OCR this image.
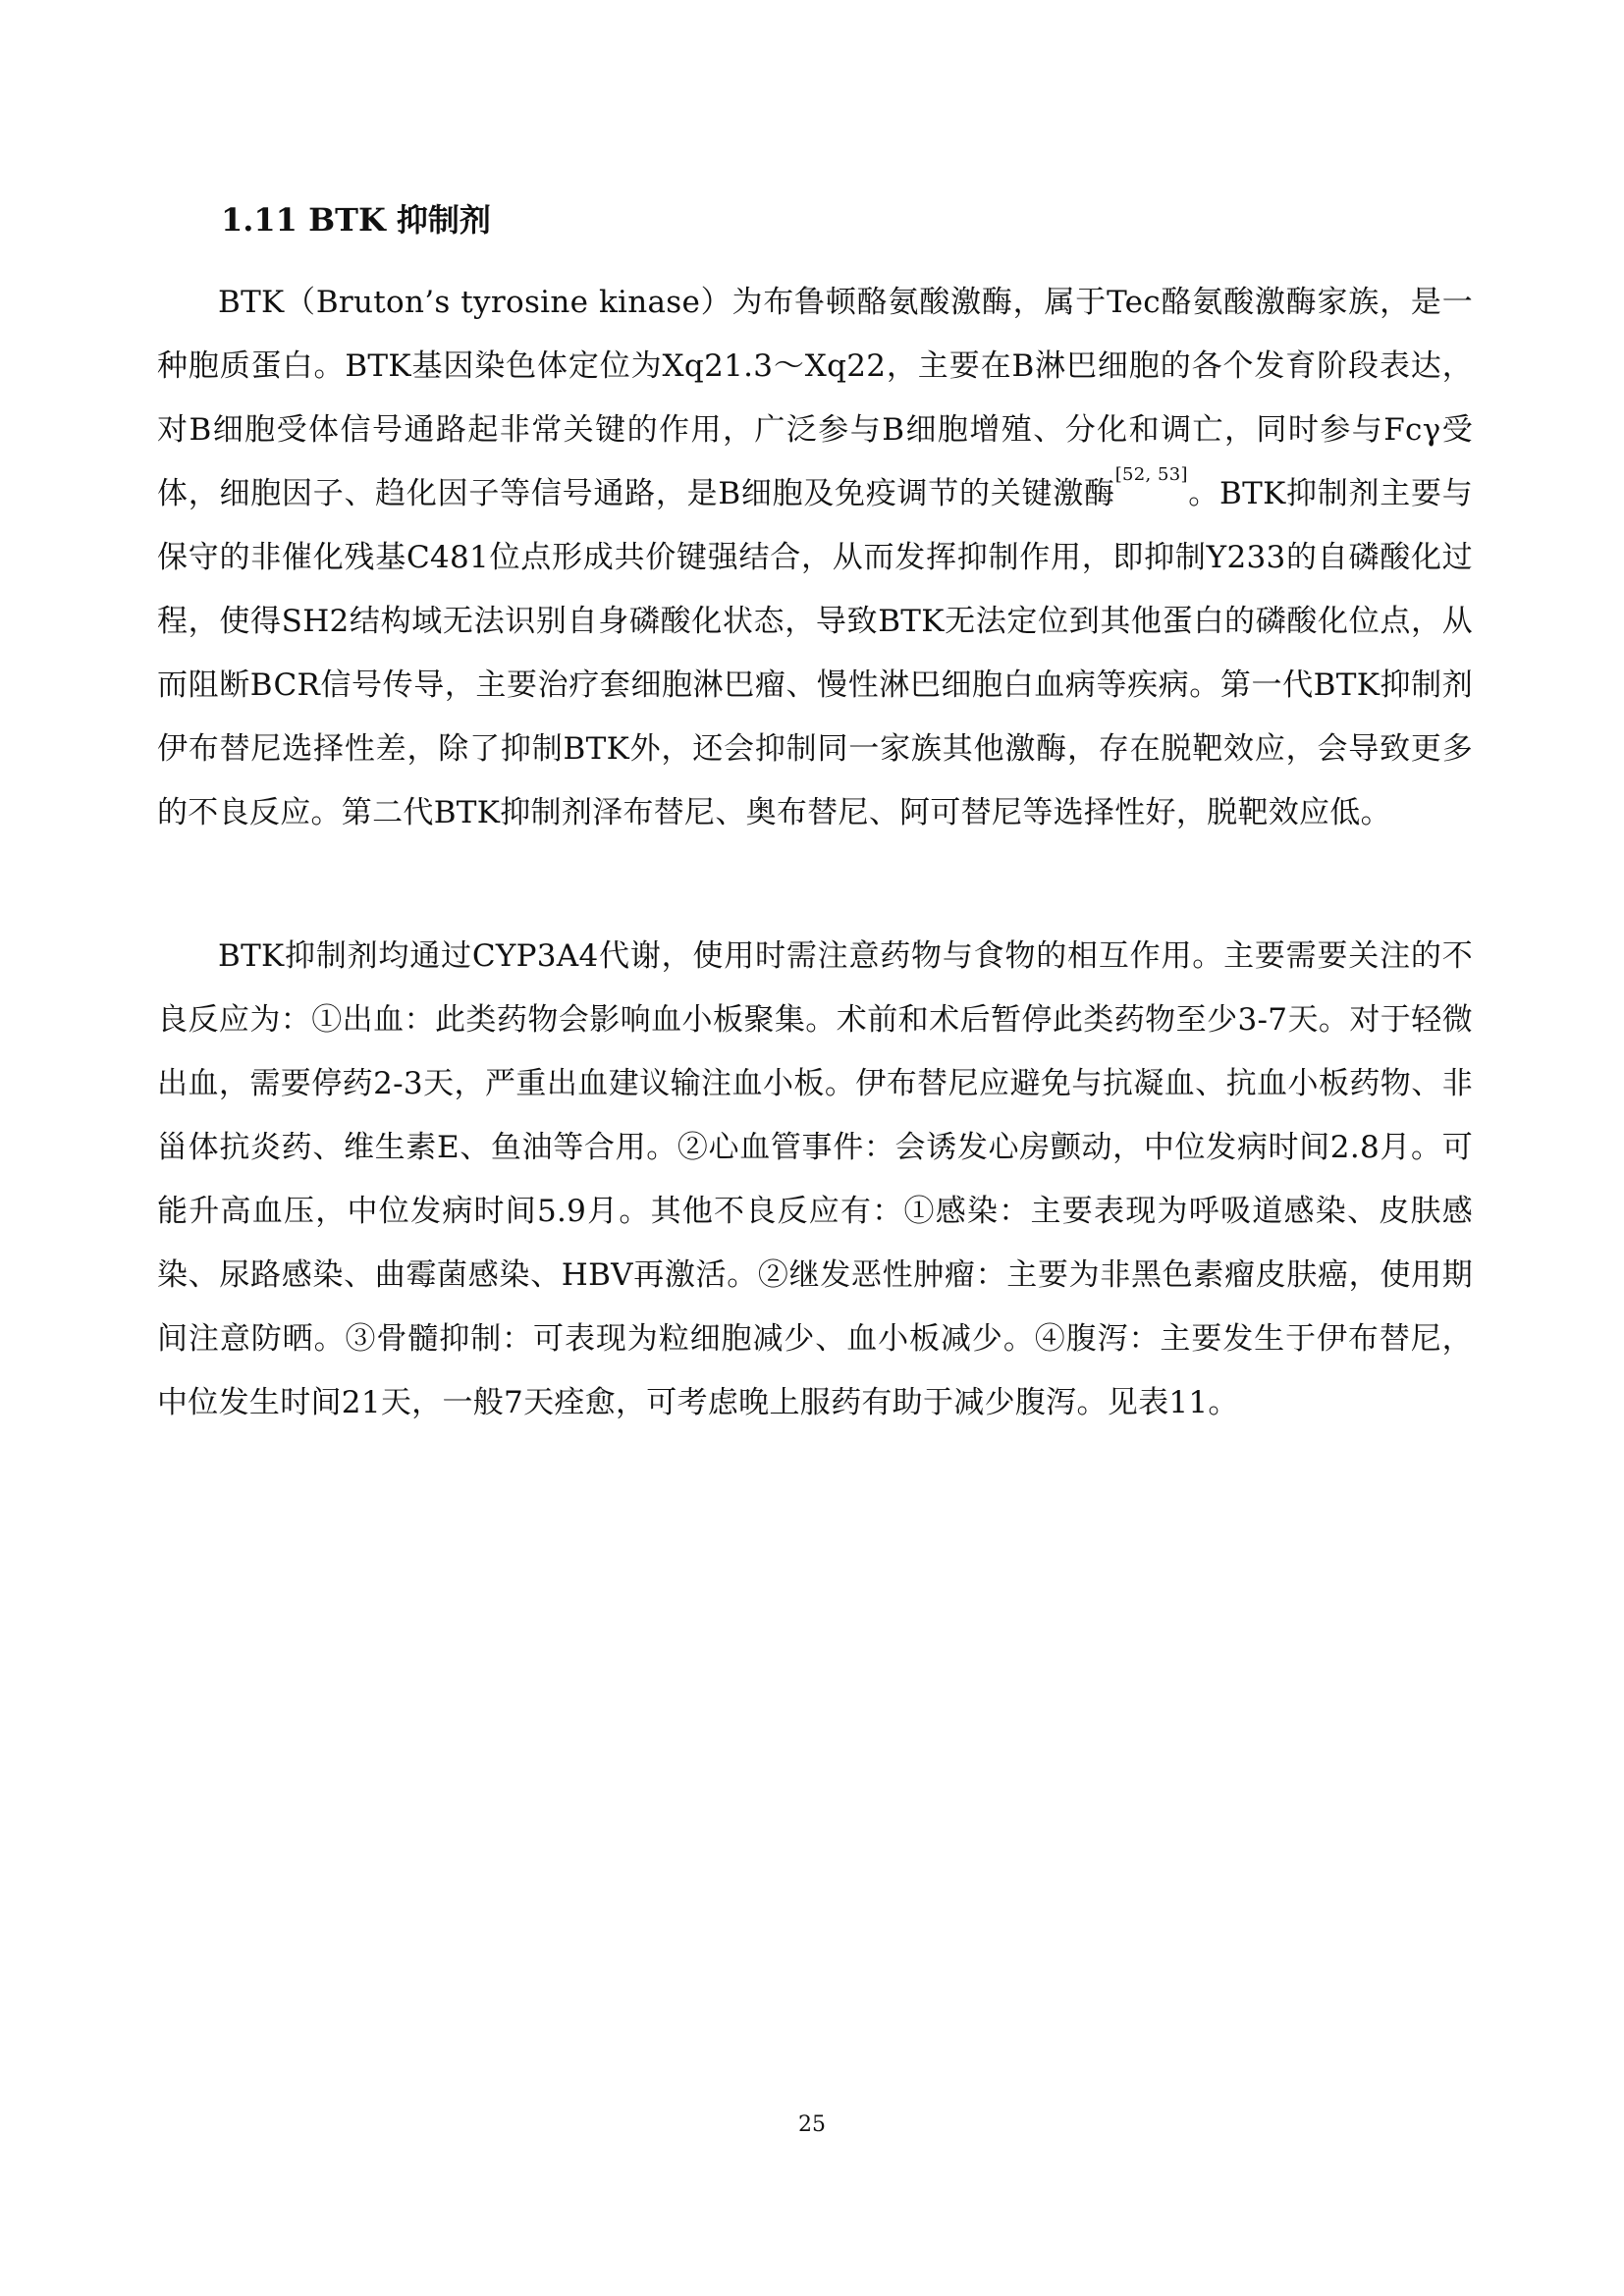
1.11 BTK 抑制剂

BTK（Bruton’s tyrosine kinase）为布鲁顿酪氨酸激酶，属于Tec酪氨酸激酶家族，是一种胞质蛋白。BTK基因染色体定位为Xq21.3～Xq22，主要在B淋巴细胞的各个发育阶段表达，对B细胞受体信号通路起非常关键的作用，广泛参与B细胞增殖、分化和调亡，同时参与Fcγ受体，细胞因子、趋化因子等信号通路，是B细胞及免疫调节的关键激酶[52, 53]。BTK抑制剂主要与保守的非催化残基C481位点形成共价键强结合，从而发挥抑制作用，即抑制Y233的自磷酸化过程，使得SH2结构域无法识别自身磷酸化状态，导致BTK无法定位到其他蛋白的磷酸化位点，从而阻断BCR信号传导，主要治疗套细胞淋巴瘤、慢性淋巴细胞白血病等疾病。第一代BTK抑制剂伊布替尼选择性差，除了抑制BTK外，还会抑制同一家族其他激酶，存在脱靶效应，会导致更多的不良反应。第二代BTK抑制剂泽布替尼、奥布替尼、阿可替尼等选择性好，脱靶效应低。

BTK抑制剂均通过CYP3A4代谢，使用时需注意药物与食物的相互作用。主要需要关注的不良反应为：①出血：此类药物会影响血小板聚集。术前和术后暂停此类药物至少3-7天。对于轻微出血，需要停药2-3天，严重出血建议输注血小板。伊布替尼应避免与抗凝血、抗血小板药物、非甾体抗炎药、维生素E、鱼油等合用。②心血管事件：会诱发心房颤动，中位发病时间2.8月。可能升高血压，中位发病时间5.9月。其他不良反应有：①感染：主要表现为呼吸道感染、皮肤感染、尿路感染、曲霉菌感染、HBV再激活。②继发恶性肿瘤：主要为非黑色素瘤皮肤癌，使用期间注意防晒。③骨髓抑制：可表现为粒细胞减少、血小板减少。④腹泻：主要发生于伊布替尼，中位发生时间21天，一般7天痊愈，可考虑晚上服药有助于减少腹泻。见表11。

25
